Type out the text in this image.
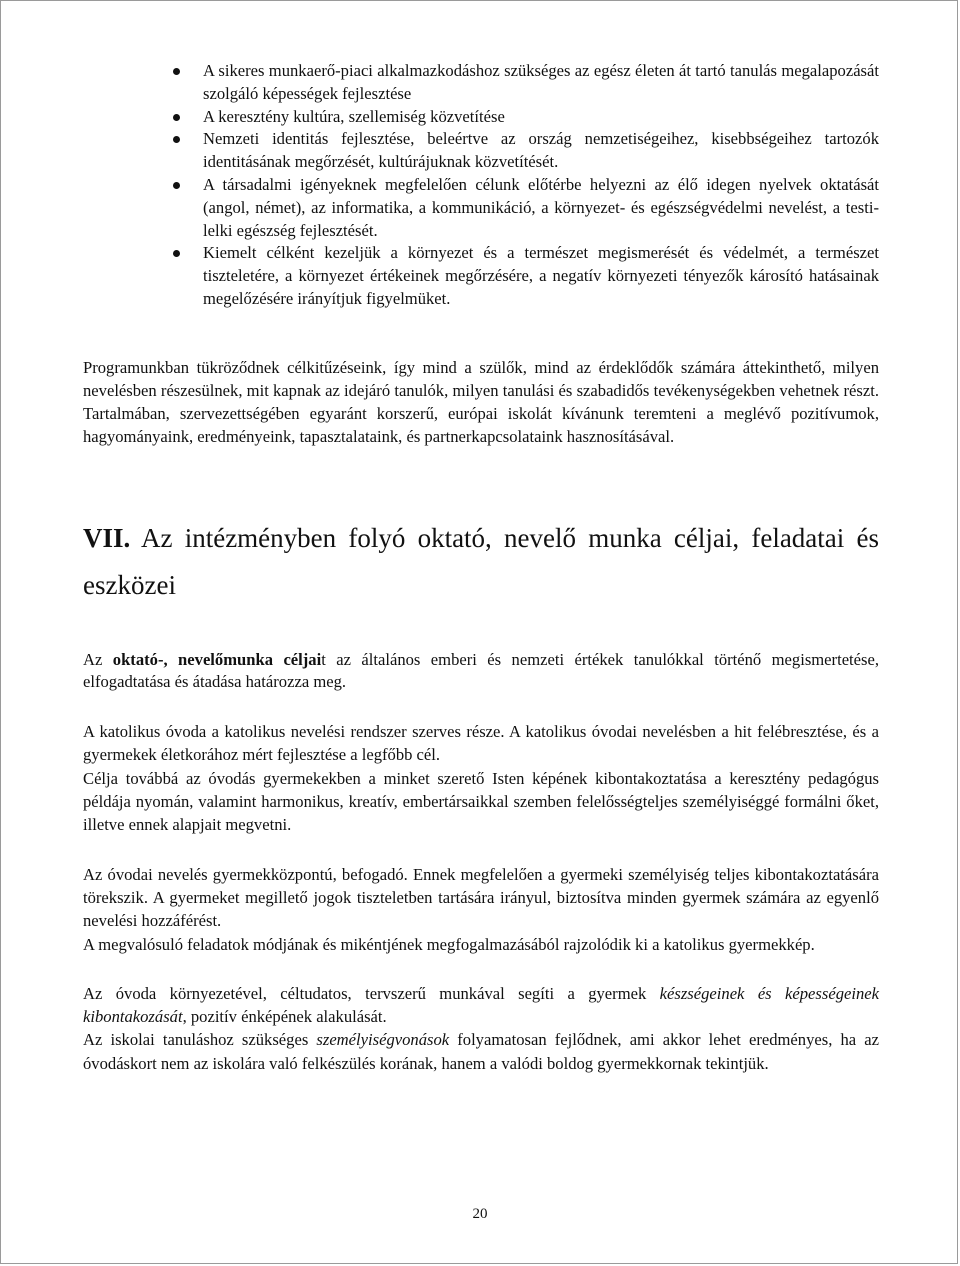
A sikeres munkaerő-piaci alkalmazkodáshoz szükséges az egész életen át tartó tanulás megalapozását szolgáló képességek fejlesztése
A keresztény kultúra, szellemiség közvetítése
Nemzeti identitás fejlesztése, beleértve az ország nemzetiségeihez, kisebbségeihez tartozók identitásának megőrzését, kultúrájuknak közvetítését.
A társadalmi igényeknek megfelelően célunk előtérbe helyezni az élő idegen nyelvek oktatását (angol, német), az informatika, a kommunikáció, a környezet- és egészségvédelmi nevelést, a testi-lelki egészség fejlesztését.
Kiemelt célként kezeljük a környezet és a természet megismerését és védelmét, a természet tiszteletére, a környezet értékeinek megőrzésére, a negatív környezeti tényezők károsító hatásainak megelőzésére irányítjuk figyelmüket.

Programunkban tükröződnek célkitűzéseink, így mind a szülők, mind az érdeklődők számára áttekinthető, milyen nevelésben részesülnek, mit kapnak az idejáró tanulók, milyen tanulási és szabadidős tevékenységekben vehetnek részt. Tartalmában, szervezettségében egyaránt korszerű, európai iskolát kívánunk teremteni a meglévő pozitívumok, hagyományaink, eredményeink, tapasztalataink, és partnerkapcsolataink hasznosításával.

VII. Az intézményben folyó oktató, nevelő munka céljai, feladatai és eszközei

Az oktató-, nevelőmunka céljait az általános emberi és nemzeti értékek tanulókkal történő megismertetése, elfogadtatása és átadása határozza meg.

A katolikus óvoda a katolikus nevelési rendszer szerves része. A katolikus óvodai nevelésben a hit felébresztése, és a gyermekek életkorához mért fejlesztése a legfőbb cél.

Célja továbbá az óvodás gyermekekben a minket szerető Isten képének kibontakoztatása a keresztény pedagógus példája nyomán, valamint harmonikus, kreatív, embertársaikkal szemben felelősségteljes személyiséggé formálni őket, illetve ennek alapjait megvetni.

Az óvodai nevelés gyermekközpontú, befogadó. Ennek megfelelően a gyermeki személyiség teljes kibontakoztatására törekszik. A gyermeket megillető jogok tiszteletben tartására irányul, biztosítva minden gyermek számára az egyenlő nevelési hozzáférést.

A megvalósuló feladatok módjának és mikéntjének megfogalmazásából rajzolódik ki a katolikus gyermekkép.

Az óvoda környezetével, céltudatos, tervszerű munkával segíti a gyermek készségeinek és képességeinek kibontakozását, pozitív énképének alakulását.

Az iskolai tanuláshoz szükséges személyiségvonások folyamatosan fejlődnek, ami akkor lehet eredményes, ha az óvodáskort nem az iskolára való felkészülés korának, hanem a valódi boldog gyermekkornak tekintjük.

20
